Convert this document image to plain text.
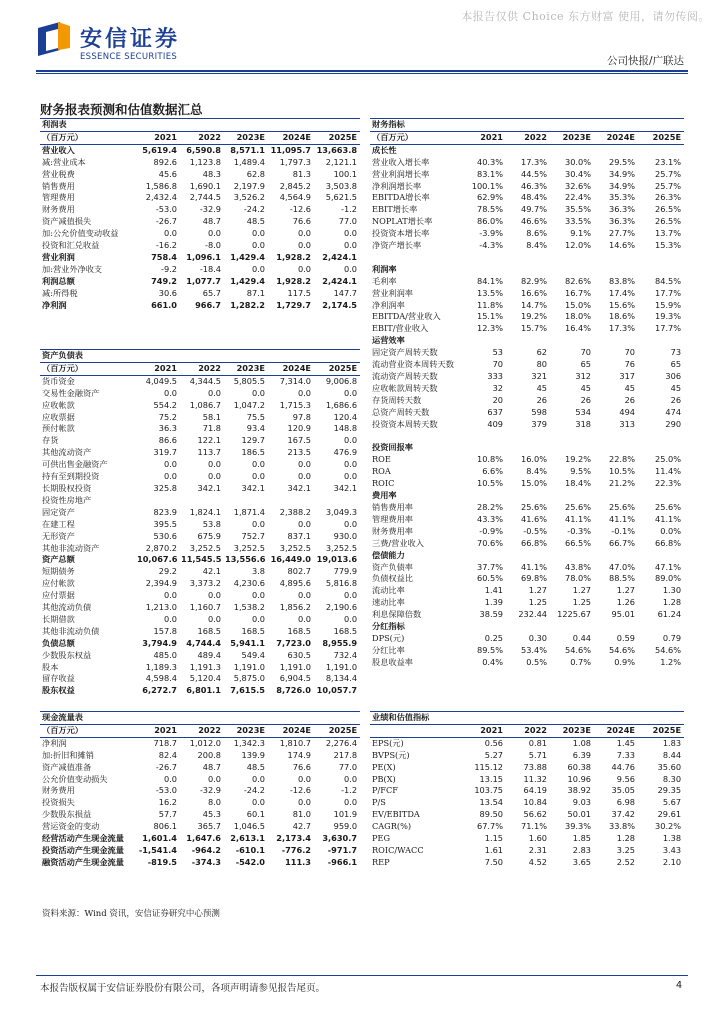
本报告仅供 Choice 东方财富 使用，请勿传阅。
安信证券
ESSENCE SECURITIES	公司快报/广联达
财务报表预测和估值数据汇总
利润表					
（百万元）	2021	2022	2023E	2024E	2025E
营业收入	5,619.4	6,590.8	8,571.1	11,095.7	13,663.8
减:营业成本	892.6	1,123.8	1,489.4	1,797.3	2,121.1
营业税费	45.6	48.3	62.8	81.3	100.1
销售费用	1,586.8	1,690.1	2,197.9	2,845.2	3,503.8
管理费用	2,432.4	2,744.5	3,526.2	4,564.9	5,621.5
财务费用	-53.0	-32.9	-24.2	-12.6	-1.2
资产减值损失	-26.7	48.7	48.5	76.6	77.0
加:公允价值变动收益	0.0	0.0	0.0	0.0	0.0
投资和汇兑收益	-16.2	-8.0	0.0	0.0	0.0
营业利润	758.4	1,096.1	1,429.4	1,928.2	2,424.1
加:营业外净收支	-9.2	-18.4	0.0	0.0	0.0
利润总额	749.2	1,077.7	1,429.4	1,928.2	2,424.1
减:所得税	30.6	65.7	87.1	117.5	147.7
净利润	661.0	966.7	1,282.2	1,729.7	2,174.5
资产负债表					
（百万元）	2021	2022	2023E	2024E	2025E
货币资金	4,049.5	4,344.5	5,805.5	7,314.0	9,006.8
交易性金融资产	0.0	0.0	0.0	0.0	0.0
应收帐款	554.2	1,086.7	1,047.2	1,715.3	1,686.6
应收票据	75.2	58.1	75.5	97.8	120.4
预付帐款	36.3	71.8	93.4	120.9	148.8
存货	86.6	122.1	129.7	167.5	0.0
其他流动资产	319.7	113.7	186.5	213.5	476.9
可供出售金融资产	0.0	0.0	0.0	0.0	0.0
持有至到期投资	0.0	0.0	0.0	0.0	0.0
长期股权投资	325.8	342.1	342.1	342.1	342.1
投资性房地产					
固定资产	823.9	1,824.1	1,871.4	2,388.2	3,049.3
在建工程	395.5	53.8	0.0	0.0	0.0
无形资产	530.6	675.9	752.7	837.1	930.0
其他非流动资产	2,870.2	3,252.5	3,252.5	3,252.5	3,252.5
资产总额	10,067.6	11,545.5	13,556.6	16,449.0	19,013.6
短期债务	29.2	42.1	3.8	802.7	779.9
应付帐款	2,394.9	3,373.2	4,230.6	4,895.6	5,816.8
应付票据	0.0	0.0	0.0	0.0	0.0
其他流动负债	1,213.0	1,160.7	1,538.2	1,856.2	2,190.6
长期借款	0.0	0.0	0.0	0.0	0.0
其他非流动负债	157.8	168.5	168.5	168.5	168.5
负债总额	3,794.9	4,744.4	5,941.1	7,723.0	8,955.9
少数股东权益	485.0	489.4	549.4	630.5	732.4
股本	1,189.3	1,191.3	1,191.0	1,191.0	1,191.0
留存收益	4,598.4	5,120.4	5,875.0	6,904.5	8,134.4
股东权益	6,272.7	6,801.1	7,615.5	8,726.0	10,057.7
财务指标					
（百万元）	2021	2022	2023E	2024E	2025E
成长性					
营业收入增长率	40.3%	17.3%	30.0%	29.5%	23.1%
营业利润增长率	83.1%	44.5%	30.4%	34.9%	25.7%
净利润增长率	100.1%	46.3%	32.6%	34.9%	25.7%
EBITDA增长率	62.9%	48.4%	22.4%	35.3%	26.3%
EBIT增长率	78.5%	49.7%	35.5%	36.3%	26.5%
NOPLAT增长率	86.0%	46.6%	33.5%	36.3%	26.5%
投资资本增长率	-3.9%	8.6%	9.1%	27.7%	13.7%
净资产增长率	-4.3%	8.4%	12.0%	14.6%	15.3%

利润率					
毛利率	84.1%	82.9%	82.6%	83.8%	84.5%
营业利润率	13.5%	16.6%	16.7%	17.4%	17.7%
净利润率	11.8%	14.7%	15.0%	15.6%	15.9%
EBITDA/营业收入	15.1%	19.2%	18.0%	18.6%	19.3%
EBIT/营业收入	12.3%	15.7%	16.4%	17.3%	17.7%
运营效率					
固定资产周转天数	53	62	70	70	73
流动营业资本周转天数	70	80	65	76	65
流动资产周转天数	333	321	312	317	306
应收帐款周转天数	32	45	45	45	45
存货周转天数	20	26	26	26	26
总资产周转天数	637	598	534	494	474
投资资本周转天数	409	379	318	313	290

投资回报率					
ROE	10.8%	16.0%	19.2%	22.8%	25.0%
ROA	6.6%	8.4%	9.5%	10.5%	11.4%
ROIC	10.5%	15.0%	18.4%	21.2%	22.3%
费用率					
销售费用率	28.2%	25.6%	25.6%	25.6%	25.6%
管理费用率	43.3%	41.6%	41.1%	41.1%	41.1%
财务费用率	-0.9%	-0.5%	-0.3%	-0.1%	0.0%
三费/营业收入	70.6%	66.8%	66.5%	66.7%	66.8%
偿债能力					
资产负债率	37.7%	41.1%	43.8%	47.0%	47.1%
负债权益比	60.5%	69.8%	78.0%	88.5%	89.0%
流动比率	1.41	1.27	1.27	1.27	1.30
速动比率	1.39	1.25	1.25	1.26	1.28
利息保障倍数	38.59	232.44	1225.67	95.01	61.24
分红指标					
DPS(元)	0.25	0.30	0.44	0.59	0.79
分红比率	89.5%	53.4%	54.6%	54.6%	54.6%
股息收益率	0.4%	0.5%	0.7%	0.9%	1.2%
现金流量表					
（百万元）	2021	2022	2023E	2024E	2025E
净利润	718.7	1,012.0	1,342.3	1,810.7	2,276.4
加:折旧和摊销	82.4	200.8	139.9	174.9	217.8
资产减值准备	-26.7	48.7	48.5	76.6	77.0
公允价值变动损失	0.0	0.0	0.0	0.0	0.0
财务费用	-53.0	-32.9	-24.2	-12.6	-1.2
投资损失	16.2	8.0	0.0	0.0	0.0
少数股东损益	57.7	45.3	60.1	81.0	101.9
营运资金的变动	806.1	365.7	1,046.5	42.7	959.0
经营活动产生现金流量	1,601.4	1,647.6	2,613.1	2,173.4	3,630.7
投资活动产生现金流量	-1,541.4	-964.2	-610.1	-776.2	-971.7
融资活动产生现金流量	-819.5	-374.3	-542.0	111.3	-966.1
业绩和估值指标					
	2021	2022	2023E	2024E	2025E
EPS(元)	0.56	0.81	1.08	1.45	1.83
BVPS(元)	5.27	5.71	6.39	7.33	8.44
PE(X)	115.12	73.88	60.38	44.76	35.60
PB(X)	13.15	11.32	10.96	9.56	8.30
P/FCF	103.75	64.19	38.92	35.05	29.35
P/S	13.54	10.84	9.03	6.98	5.67
EV/EBITDA	89.50	56.62	50.01	37.42	29.61
CAGR(%)	67.7%	71.1%	39.3%	33.8%	30.2%
PEG	1.15	1.60	1.85	1.28	1.38
ROIC/WACC	1.61	2.31	2.83	3.25	3.43
REP	7.50	4.52	3.65	2.52	2.10
资料来源：Wind 资讯，安信证券研究中心预测
本报告版权属于安信证券股份有限公司，各项声明请参见报告尾页。	4
